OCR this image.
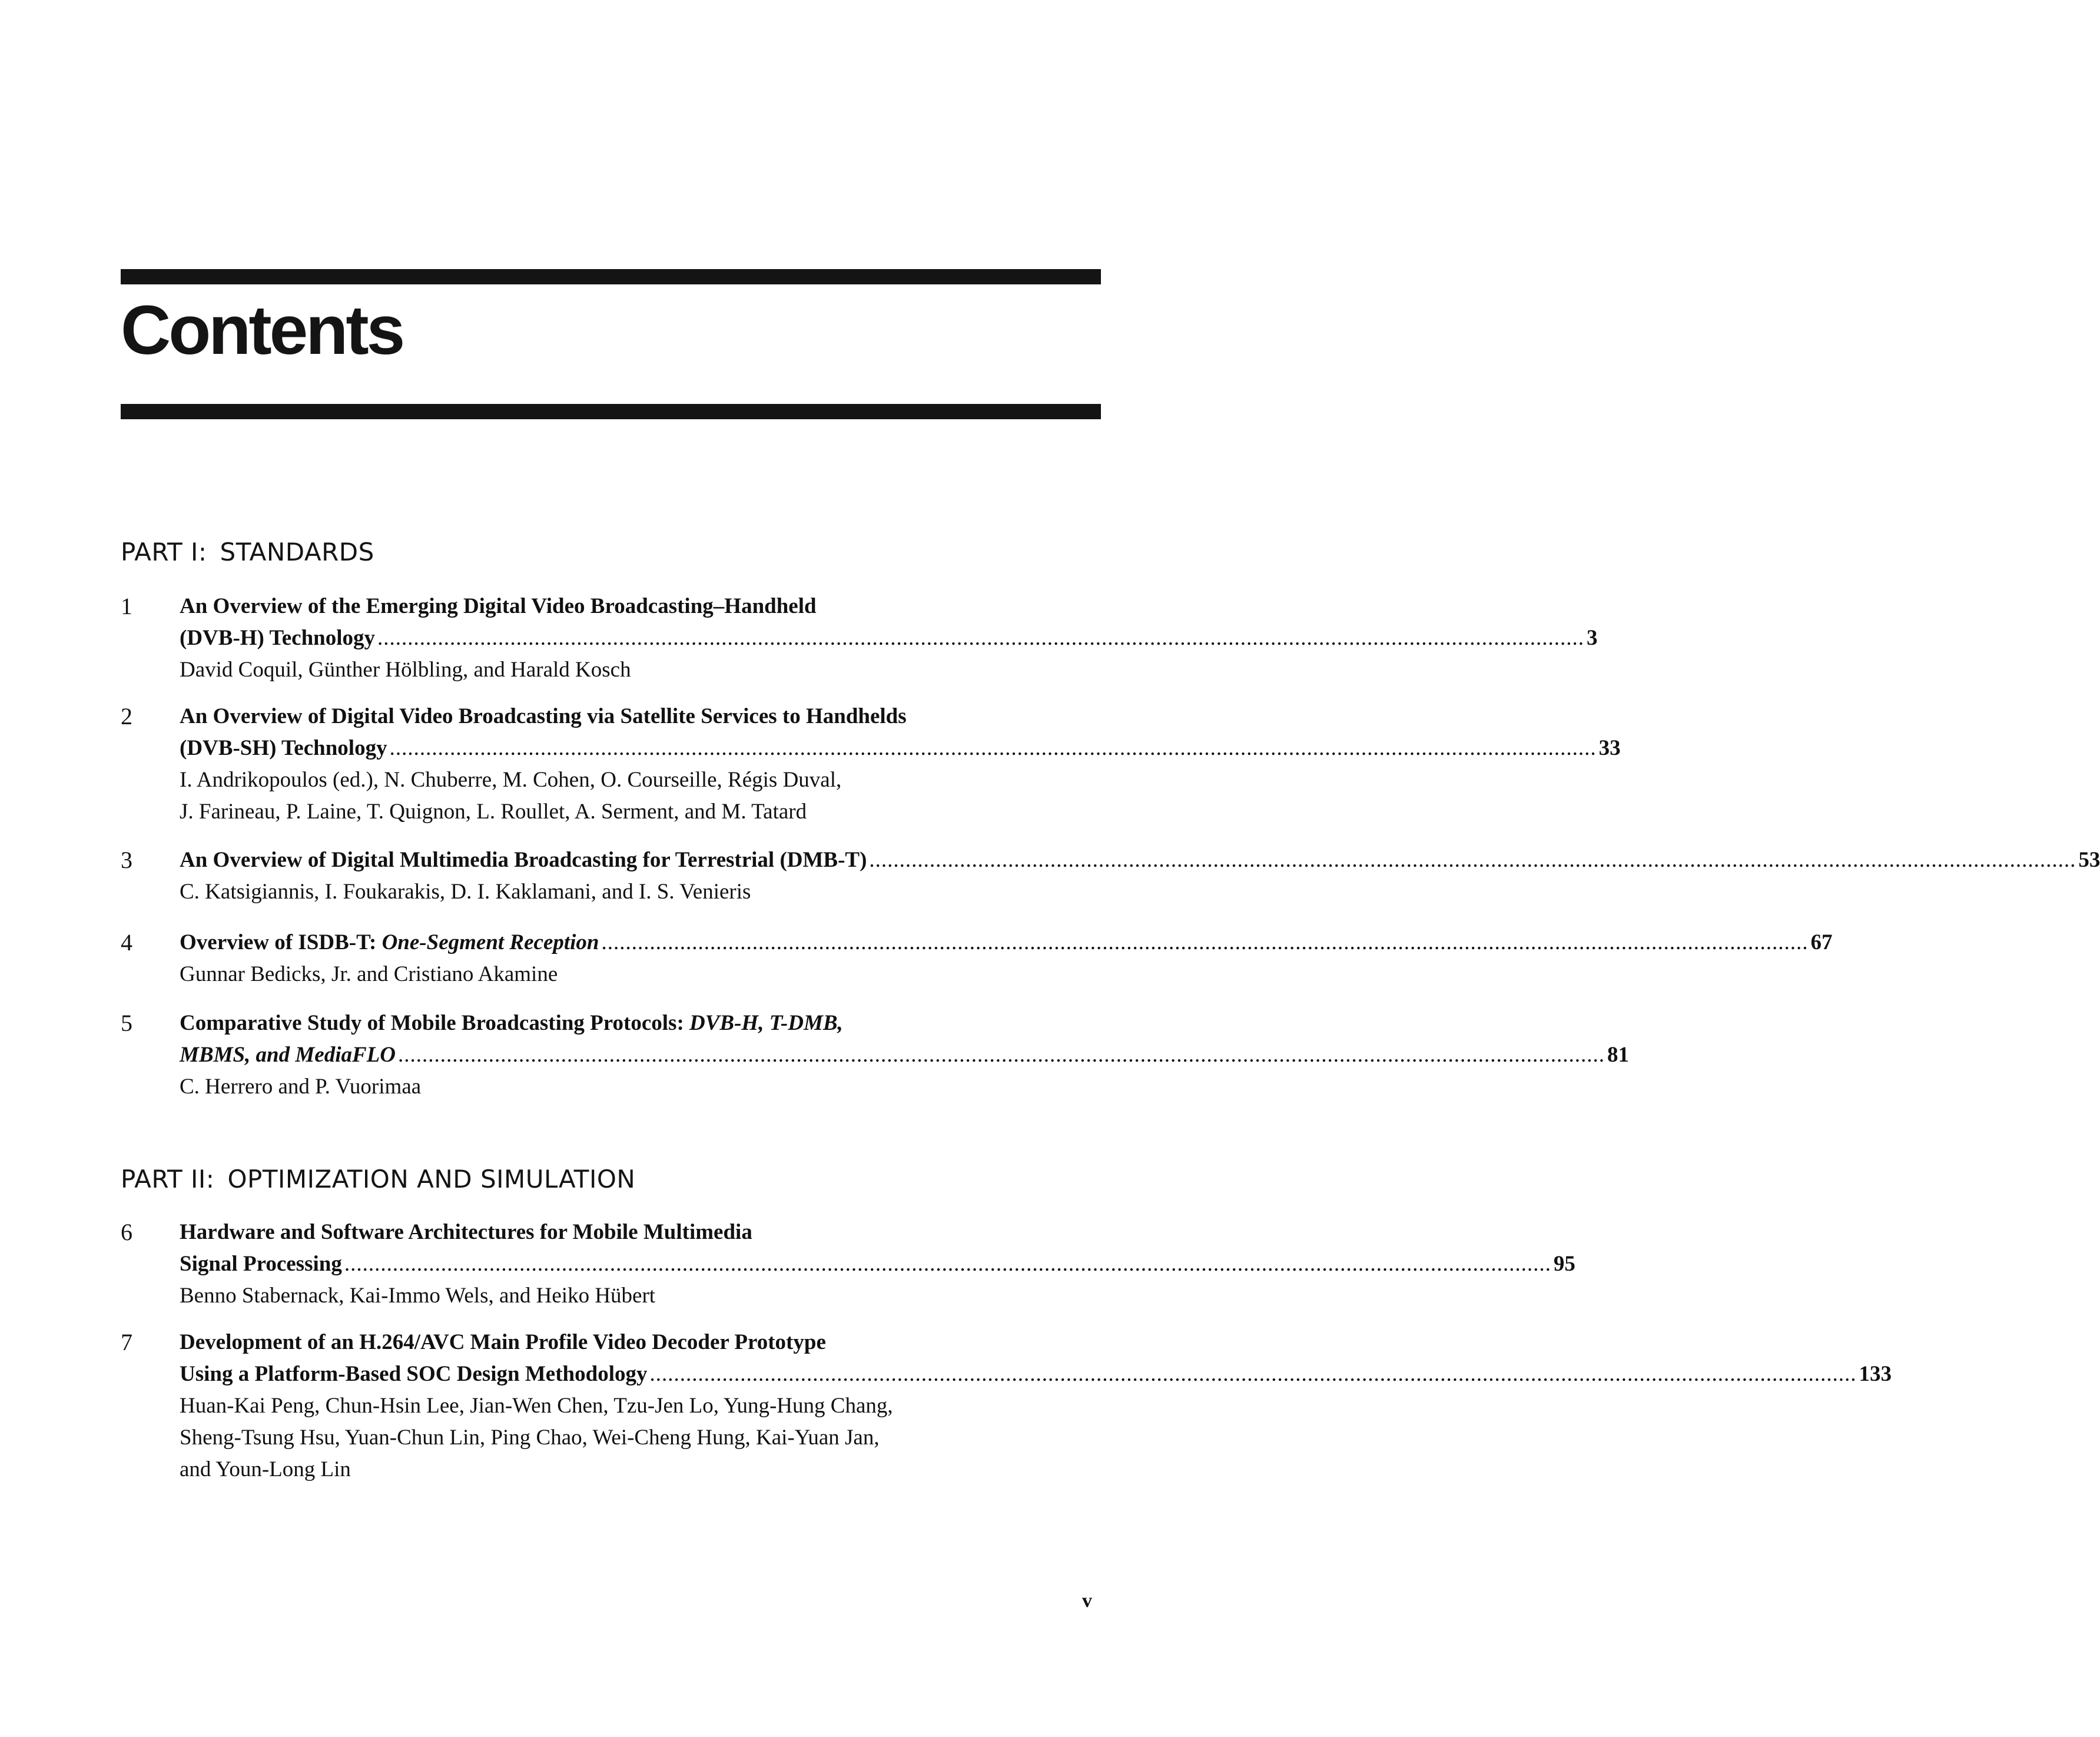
Contents
PART I: STANDARDS
1	An Overview of the Emerging Digital Video Broadcasting–Handheld
(DVB-H) Technology ........................................................................................................................................................................................................ 3
David Coquil, Günther Hölbling, and Harald Kosch
2	An Overview of Digital Video Broadcasting via Satellite Services to Handhelds
(DVB-SH) Technology ........................................................................................................................................................................................................ 33
I. Andrikopoulos (ed.), N. Chuberre, M. Cohen, O. Courseille, Régis Duval,
J. Farineau, P. Laine, T. Quignon, L. Roullet, A. Serment, and M. Tatard
3	An Overview of Digital Multimedia Broadcasting for Terrestrial (DMB-T) ........................................................................................................................................................................................................ 53
C. Katsigiannis, I. Foukarakis, D. I. Kaklamani, and I. S. Venieris
4	Overview of ISDB-T: One-Segment Reception ........................................................................................................................................................................................................ 67
Gunnar Bedicks, Jr. and Cristiano Akamine
5	Comparative Study of Mobile Broadcasting Protocols: DVB-H, T-DMB,
MBMS, and MediaFLO ........................................................................................................................................................................................................ 81
C. Herrero and P. Vuorimaa
PART II: OPTIMIZATION AND SIMULATION
6	Hardware and Software Architectures for Mobile Multimedia
Signal Processing ........................................................................................................................................................................................................ 95
Benno Stabernack, Kai-Immo Wels, and Heiko Hübert
7	Development of an H.264/AVC Main Profile Video Decoder Prototype
Using a Platform-Based SOC Design Methodology ........................................................................................................................................................................................................ 133
Huan-Kai Peng, Chun-Hsin Lee, Jian-Wen Chen, Tzu-Jen Lo, Yung-Hung Chang,
Sheng-Tsung Hsu, Yuan-Chun Lin, Ping Chao, Wei-Cheng Hung, Kai-Yuan Jan,
and Youn-Long Lin
v
